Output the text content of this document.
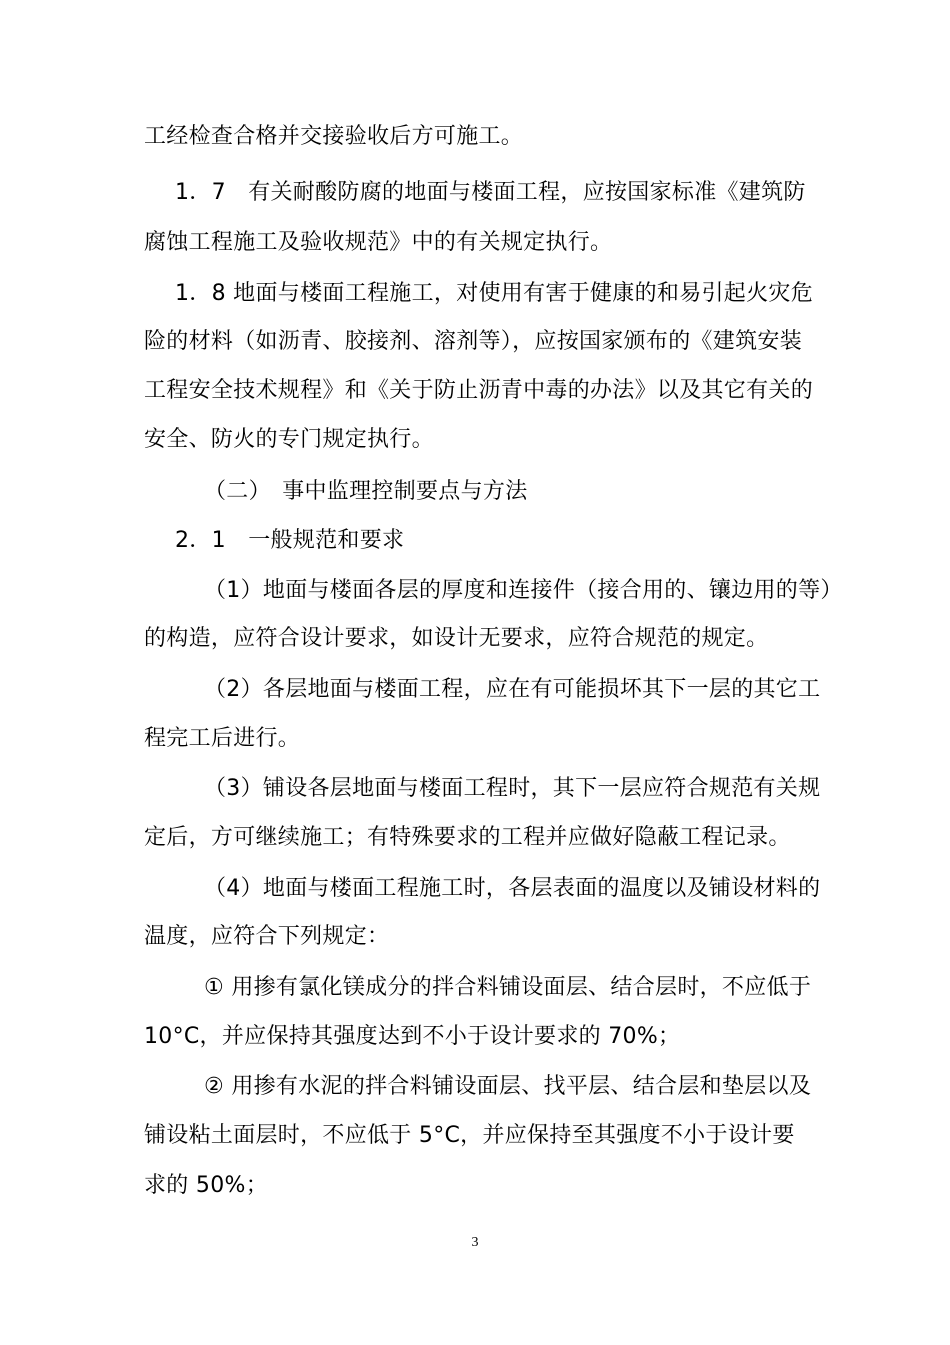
工经检查合格并交接验收后方可施工。
1．7　有关耐酸防腐的地面与楼面工程，应按国家标准《建筑防
腐蚀工程施工及验收规范》中的有关规定执行。
1．8 地面与楼面工程施工，对使用有害于健康的和易引起火灾危
险的材料（如沥青、胶接剂、溶剂等），应按国家颁布的《建筑安装
工程安全技术规程》和《关于防止沥青中毒的办法》以及其它有关的
安全、防火的专门规定执行。
（二）　事中监理控制要点与方法
2．1　一般规范和要求
（1）地面与楼面各层的厚度和连接件（接合用的、镶边用的等）
的构造，应符合设计要求，如设计无要求，应符合规范的规定。
（2）各层地面与楼面工程，应在有可能损坏其下一层的其它工
程完工后进行。
（3）铺设各层地面与楼面工程时，其下一层应符合规范有关规
定后，方可继续施工；有特殊要求的工程并应做好隐蔽工程记录。
（4）地面与楼面工程施工时，各层表面的温度以及铺设材料的
温度，应符合下列规定：
① 用掺有氯化镁成分的拌合料铺设面层、结合层时，不应低于
10°C，并应保持其强度达到不小于设计要求的 70%；
② 用掺有水泥的拌合料铺设面层、找平层、结合层和垫层以及
铺设粘土面层时，不应低于 5°C，并应保持至其强度不小于设计要
求的 50%；
3
